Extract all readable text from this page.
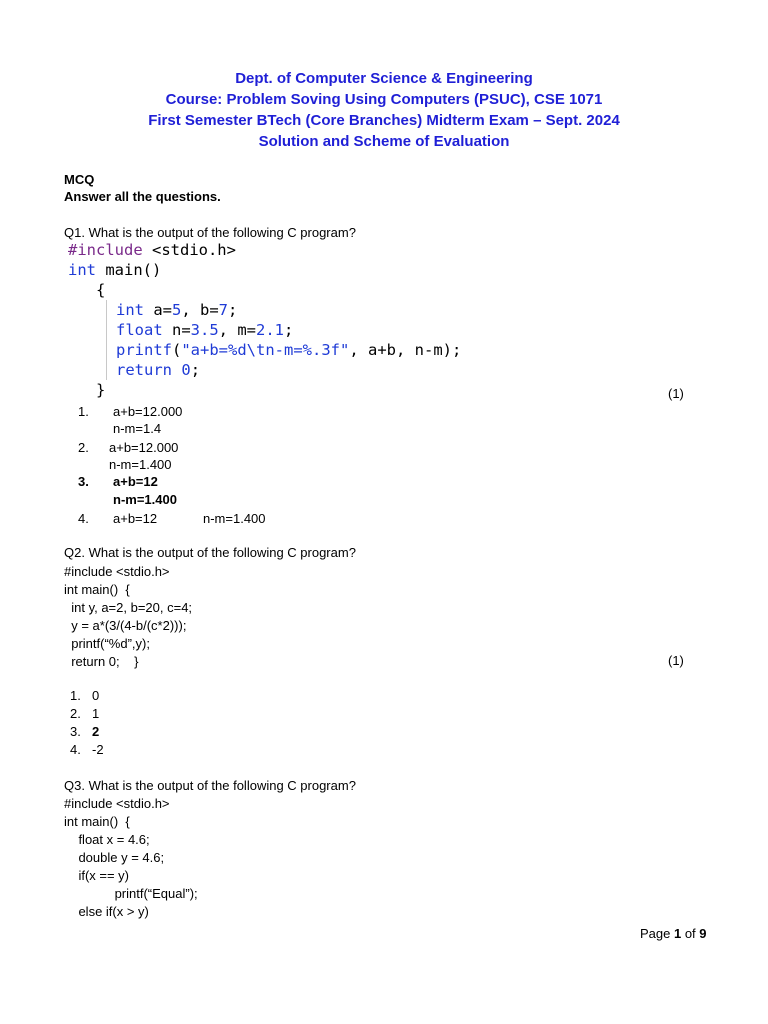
Dept. of Computer Science & Engineering
Course: Problem Soving Using Computers (PSUC), CSE 1071
First Semester BTech (Core Branches) Midterm Exam – Sept. 2024
Solution and Scheme of Evaluation
MCQ
Answer all the questions.
Q1. What is the output of the following C program?
#include <stdio.h>
int main()
{
int a=5, b=7;
float n=3.5, m=2.1;
printf("a+b=%d\tn-m=%.3f", a+b, n-m);
return 0;
}	(1)
1. a+b=12.000
n-m=1.4
2. a+b=12.000
n-m=1.400
3. a+b=12
n-m=1.400
4. a+b=12	n-m=1.400
Q2. What is the output of the following C program?
#include <stdio.h>
int main()  {
int y, a=2, b=20, c=4;
y = a*(3/(4-b/(c*2)));
printf(“%d”,y);
return 0;    }	(1)
1. 0
2. 1
3. 2
4. -2
Q3. What is the output of the following C program?
#include <stdio.h>
int main()  {
float x = 4.6;
double y = 4.6;
if(x == y)
printf(“Equal”);
else if(x > y)
Page 1 of 9
